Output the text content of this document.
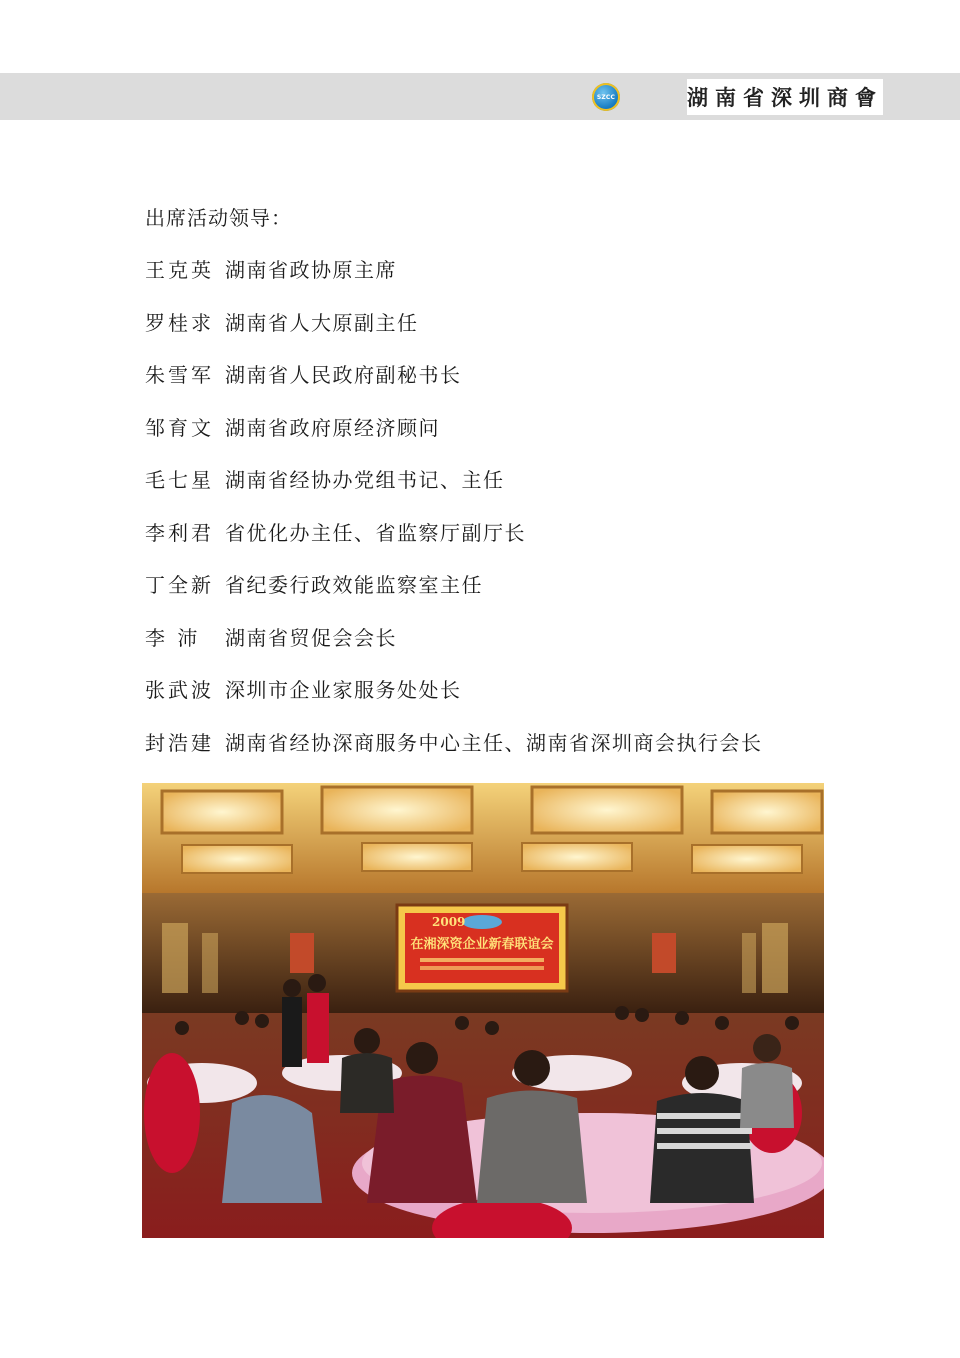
SZCC	湖南省深圳商會
出席活动领导：
王克英 湖南省政协原主席
罗桂求 湖南省人大原副主任
朱雪军 湖南省人民政府副秘书长
邹育文 湖南省政府原经济顾问
毛七星 湖南省经协办党组书记、主任
李利君 省优化办主任、省监察厅副厅长
丁全新 省纪委行政效能监察室主任
李 沛 湖南省贸促会会长
张武波 深圳市企业家服务处处长
封浩建 湖南省经协深商服务中心主任、湖南省深圳商会执行会长
2009
在湘深资企业新春联谊会
